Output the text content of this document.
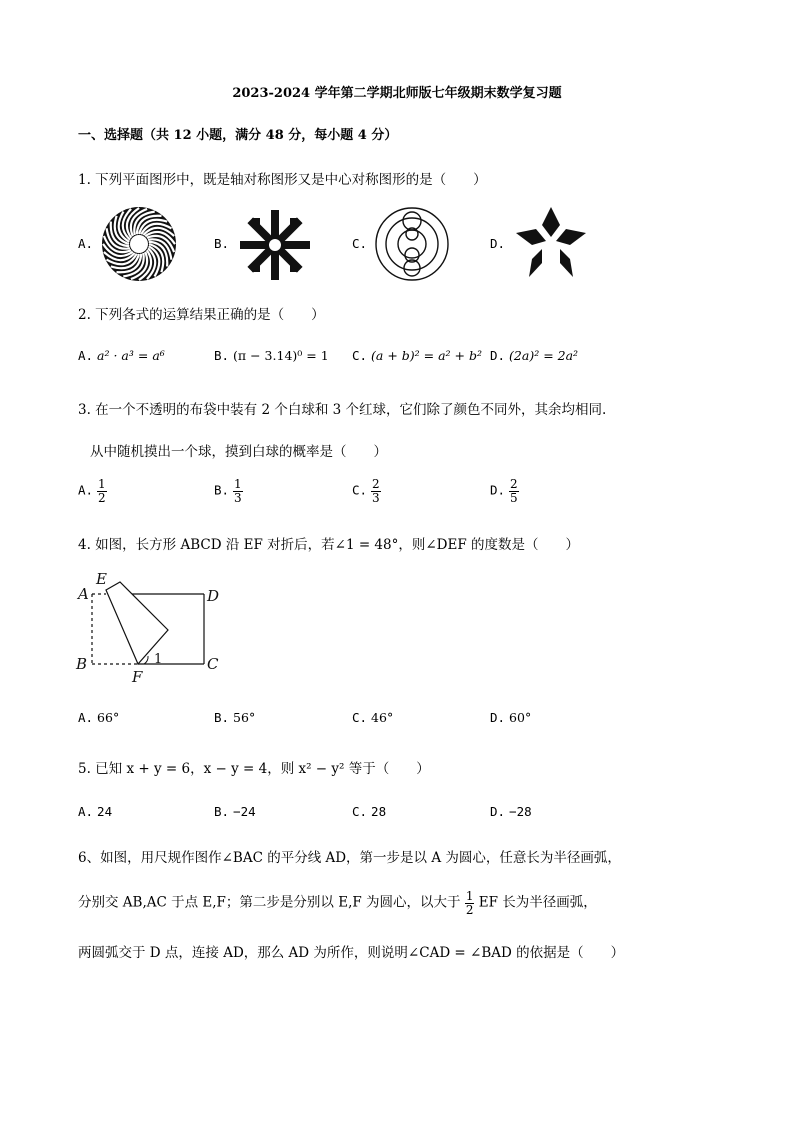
2023-2024 学年第二学期北师版七年级期末数学复习题
一、选择题（共 12 小题，满分 48 分，每小题 4 分）
1. 下列平面图形中，既是轴对称图形又是中心对称图形的是（　　）
A.	B.	C.	D.
2. 下列各式的运算结果正确的是（　　）
A. a² · a³ = a⁶	B. (π − 3.14)⁰ = 1 C. (a + b)² = a² + b² D. (2a)² = 2a²
3. 在一个不透明的布袋中装有 2 个白球和 3 个红球，它们除了颜色不同外，其余均相同.
从中随机摸出一个球，摸到白球的概率是（　　）
A. $\frac{1}{2}$	B. $\frac{1}{3}$	C. $\frac{2}{3}$	D. $\frac{2}{5}$
4. 如图，长方形 ABCD 沿 EF 对折后，若∠1 = 48°，则∠DEF 的度数是（　　）
E
A	D
B	C
F
1
A. 66°	B. 56°	C. 46°	D. 60°
5. 已知 x + y = 6，x − y = 4，则 x² − y² 等于（　　）
A. 24	B. −24	C. 28	D. −28
6、如图，用尺规作图作∠BAC 的平分线 AD，第一步是以 A 为圆心，任意长为半径画弧，
分别交 AB,AC 于点 E,F；第二步是分别以 E,F 为圆心，以大于 $\frac{1}{2}$ EF 长为半径画弧，
两圆弧交于 D 点，连接 AD，那么 AD 为所作，则说明∠CAD = ∠BAD 的依据是（　　）
